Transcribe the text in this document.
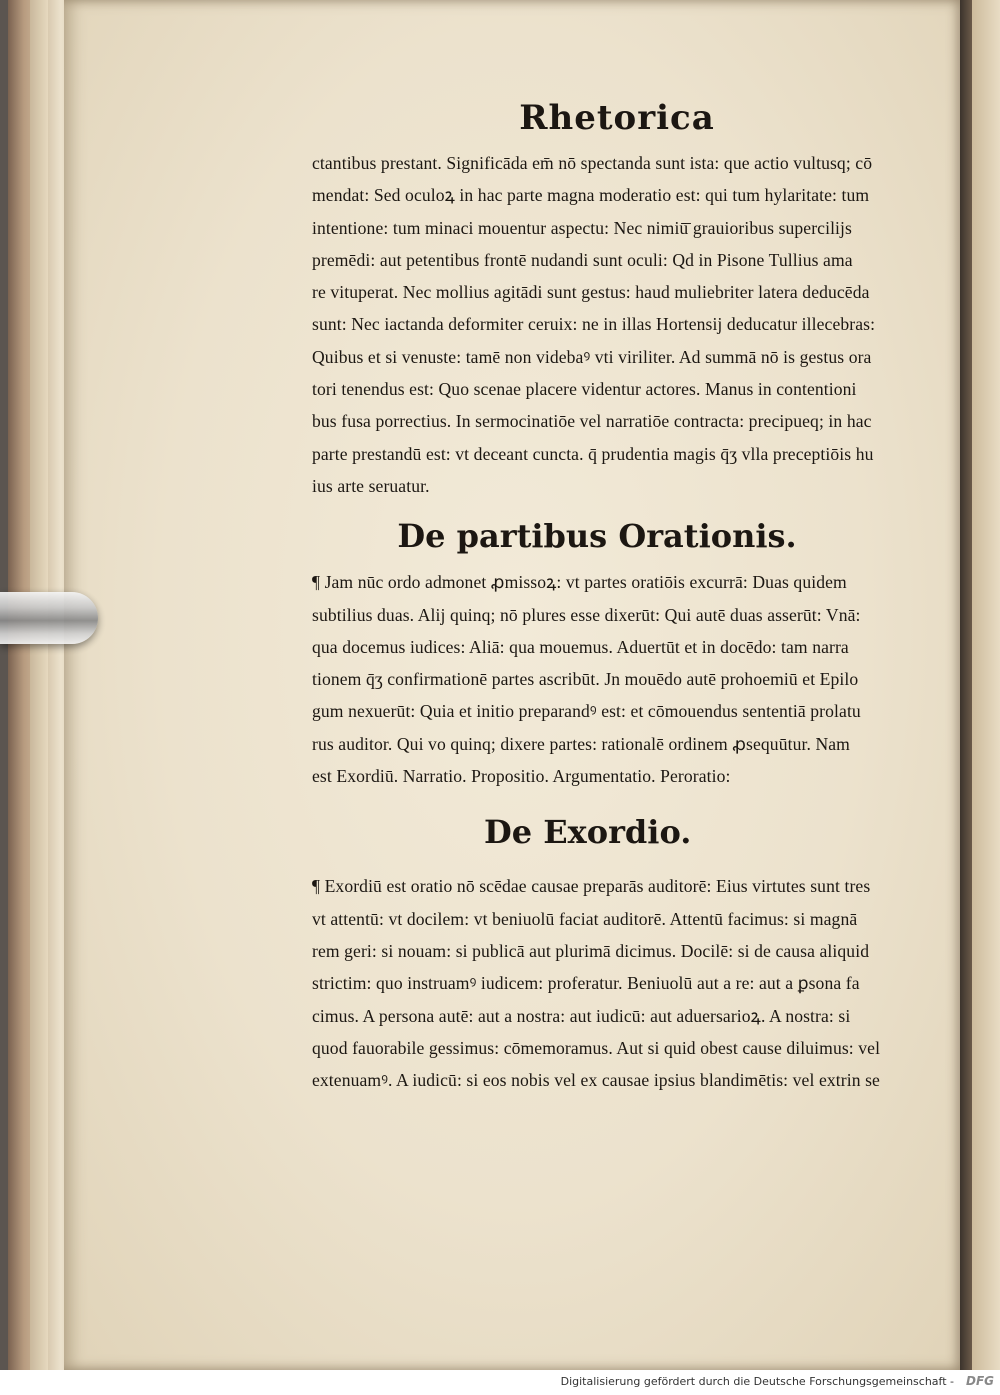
Rhetorica
ctantibus prestant. Significāda em̄ nō spectanda sunt ista: que actio vultusq; cō
mendat: Sed oculoꝝ in hac parte magna moderatio est: qui tum hylaritate: tum
intentione: tum minaci mouentur aspectu: Nec nimiū̄ grauioribus supercilijs
premēdi: aut petentibus frontē nudandi sunt oculi: Qd in Pisone Tullius ama
re vituperat. Nec mollius agitādi sunt gestus: haud muliebriter latera deducēda
sunt: Nec iactanda deformiter ceruix: ne in illas Hortensij deducatur illecebras:
Quibus et si venuste: tamē non videbaꝰ vti viriliter. Ad summā nō is gestus ora
tori tenendus est: Quo scenae placere videntur actores. Manus in contentioni
bus fusa porrectius. In sermocinatiōe vel narratiōe contracta: precipueq; in hac
parte prestandū est: vt deceant cuncta. q̄ prudentia magis q̄ʒ vlla preceptiōis hu
ius arte seruatur.
De partibus Orationis.
¶ Jam nūc ordo admonet ꝓmissoꝝ: vt partes oratiōis excurrā: Duas quidem
subtilius duas. Alij quinq; nō plures esse dixerūt: Qui autē duas asserūt: Vnā:
qua docemus iudices: Aliā: qua mouemus. Aduertūt et in docēdo: tam narra
tionem q̄ʒ confirmationē partes ascribūt. Jn mouēdo autē prohoemiū et Epilo
gum nexuerūt: Quia et initio preparandꝰ est: et cōmouendus sententiā prolatu
rus auditor. Qui vo quinq; dixere partes: rationalē ordinem ꝓsequūtur. Nam
est Exordiū. Narratio. Propositio. Argumentatio. Peroratio:
De Exordio.
¶ Exordiū est oratio nō scēdae causae preparās auditorē: Eius virtutes sunt tres
vt attentū: vt docilem: vt beniuolū faciat auditorē. Attentū facimus: si magnā
rem geri: si nouam: si publicā aut plurimā dicimus. Docilē: si de causa aliquid
strictim: quo instruamꝰ iudicem: proferatur. Beniuolū aut a re: aut a ꝑsona fa
cimus. A persona autē: aut a nostra: aut iudicū: aut aduersarioꝝ. A nostra: si
quod fauorabile gessimus: cōmemoramus. Aut si quid obest cause diluimus: vel
extenuamꝰ. A iudicū: si eos nobis vel ex causae ipsius blandimētis: vel extrin se
Digitalisierung gefördert durch die Deutsche Forschungsgemeinschaft - DFG
